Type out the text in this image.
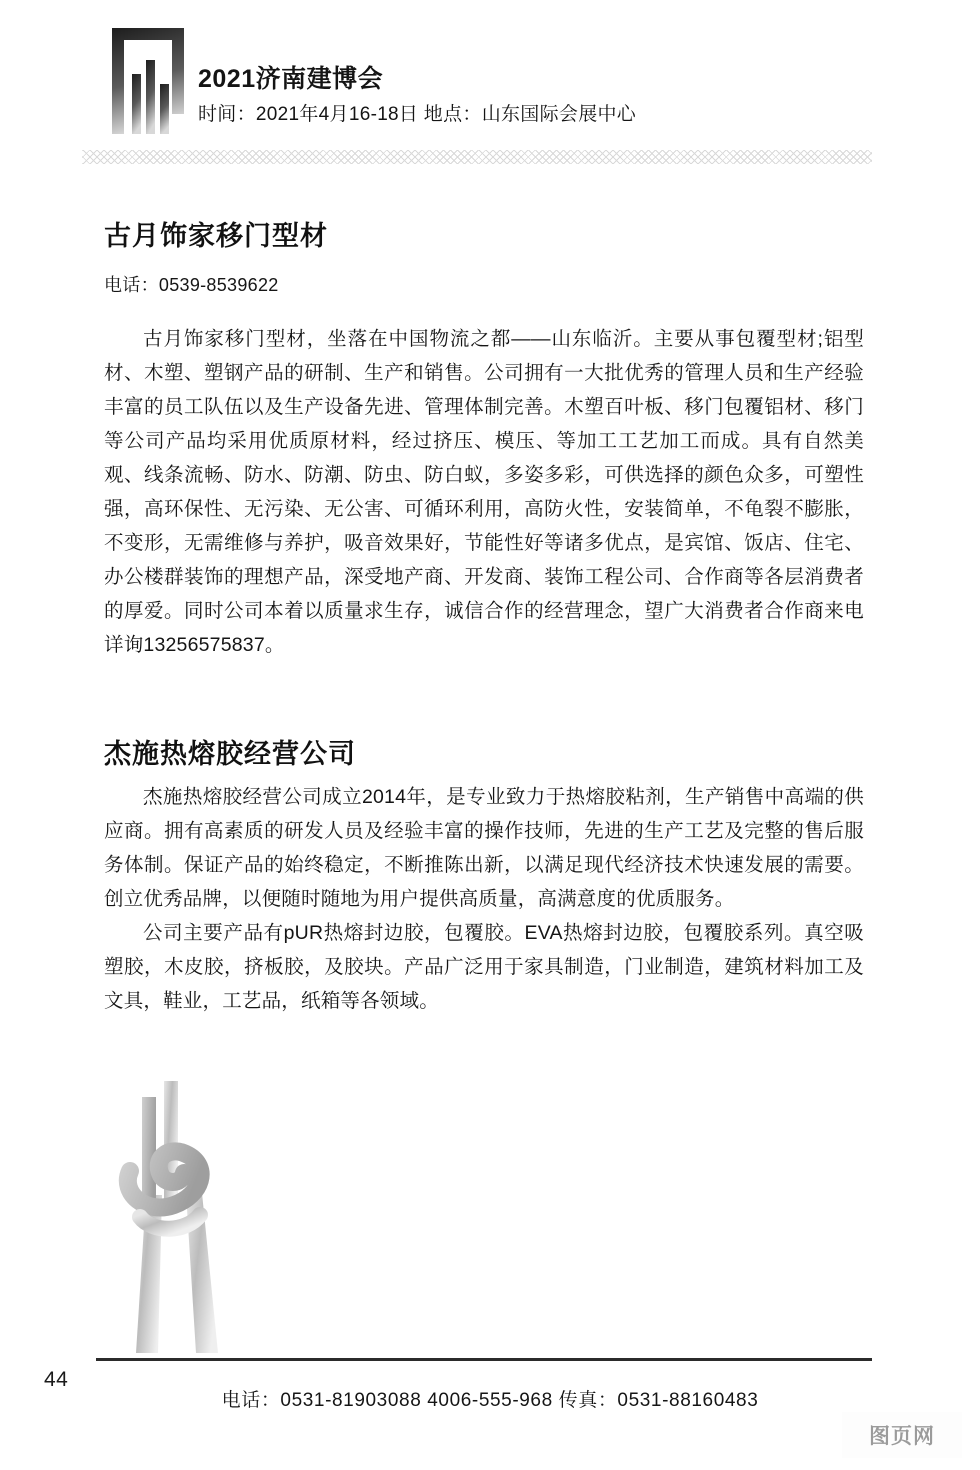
2021济南建博会
时间：2021年4月16-18日 地点：山东国际会展中心
古月饰家移门型材
电话：0539-8539622

古月饰家移门型材，坐落在中国物流之都——山东临沂。主要从事包覆型材;铝型材、木塑、塑钢产品的研制、生产和销售。公司拥有一大批优秀的管理人员和生产经验丰富的员工队伍以及生产设备先进、管理体制完善。木塑百叶板、移门包覆铝材、移门等公司产品均采用优质原材料，经过挤压、模压、等加工工艺加工而成。具有自然美观、线条流畅、防水、防潮、防虫、防白蚁，多姿多彩，可供选择的颜色众多，可塑性强，高环保性、无污染、无公害、可循环利用，高防火性，安装简单，不龟裂不膨胀，不变形，无需维修与养护，吸音效果好，节能性好等诸多优点，是宾馆、饭店、住宅、办公楼群装饰的理想产品，深受地产商、开发商、装饰工程公司、合作商等各层消费者的厚爱。同时公司本着以质量求生存，诚信合作的经营理念，望广大消费者合作商来电详询13256575837。

杰施热熔胶经营公司

杰施热熔胶经营公司成立2014年，是专业致力于热熔胶粘剂，生产销售中高端的供应商。拥有高素质的研发人员及经验丰富的操作技师，先进的生产工艺及完整的售后服务体制。保证产品的始终稳定，不断推陈出新，以满足现代经济技术快速发展的需要。创立优秀品牌，以便随时随地为用户提供高质量，高满意度的优质服务。

公司主要产品有pUR热熔封边胶，包覆胶。EVA热熔封边胶，包覆胶系列。真空吸塑胶，木皮胶，挤板胶，及胶块。产品广泛用于家具制造，门业制造，建筑材料加工及文具，鞋业，工艺品，纸箱等各领域。

44
电话：0531-81903088 4006-555-968 传真：0531-88160483
图页网
